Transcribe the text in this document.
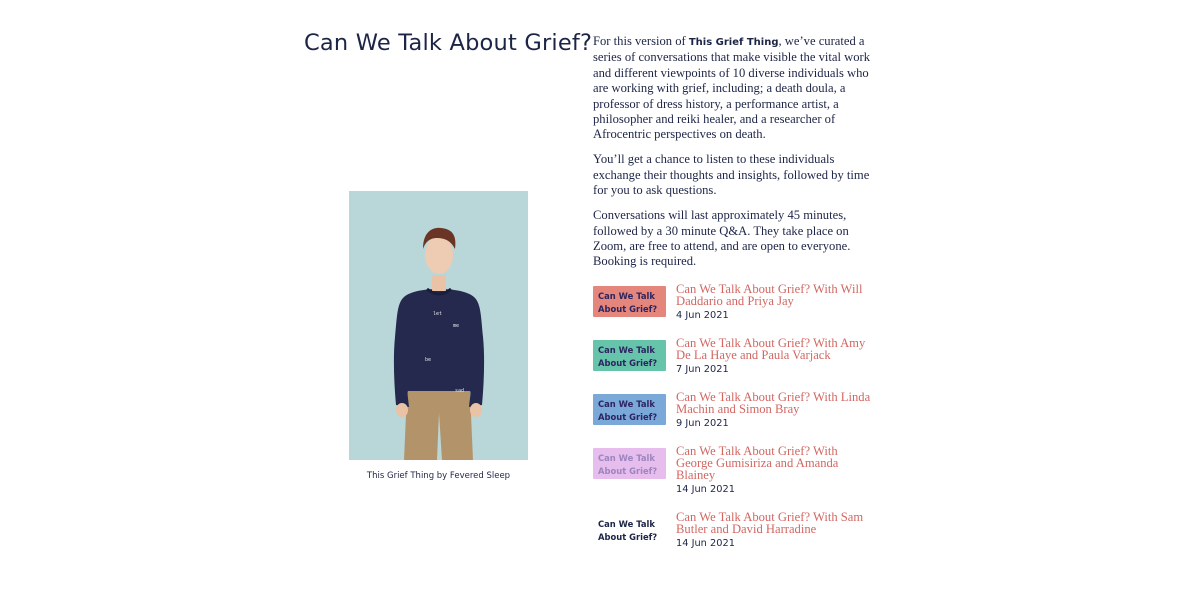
Can We Talk About Grief?
let
me
be
sad
This Grief Thing by Fevered Sleep

For this version of This Grief Thing, we’ve curated a series of conversations that make visible the vital work and different viewpoints of 10 diverse individuals who are working with grief, including; a death doula, a professor of dress history, a performance artist, a philosopher and reiki healer, and a researcher of Afrocentric perspectives on death.

You’ll get a chance to listen to these individuals exchange their thoughts and insights, followed by time for you to ask questions.

Conversations will last approximately 45 minutes, followed by a 30 minute Q&A. They take place on Zoom, are free to attend, and are open to everyone. Booking is required.

Can We Talk
About Grief?
Can We Talk About Grief? With Will Daddario and Priya Jay
4 Jun 2021
Can We Talk
About Grief?
Can We Talk About Grief? With Amy De La Haye and Paula Varjack
7 Jun 2021
Can We Talk
About Grief?
Can We Talk About Grief? With Linda Machin and Simon Bray
9 Jun 2021
Can We Talk
About Grief?
Can We Talk About Grief? With George Gumisiriza and Amanda Blainey
14 Jun 2021
Can We Talk
About Grief?
Can We Talk About Grief? With Sam Butler and David Harradine
14 Jun 2021
